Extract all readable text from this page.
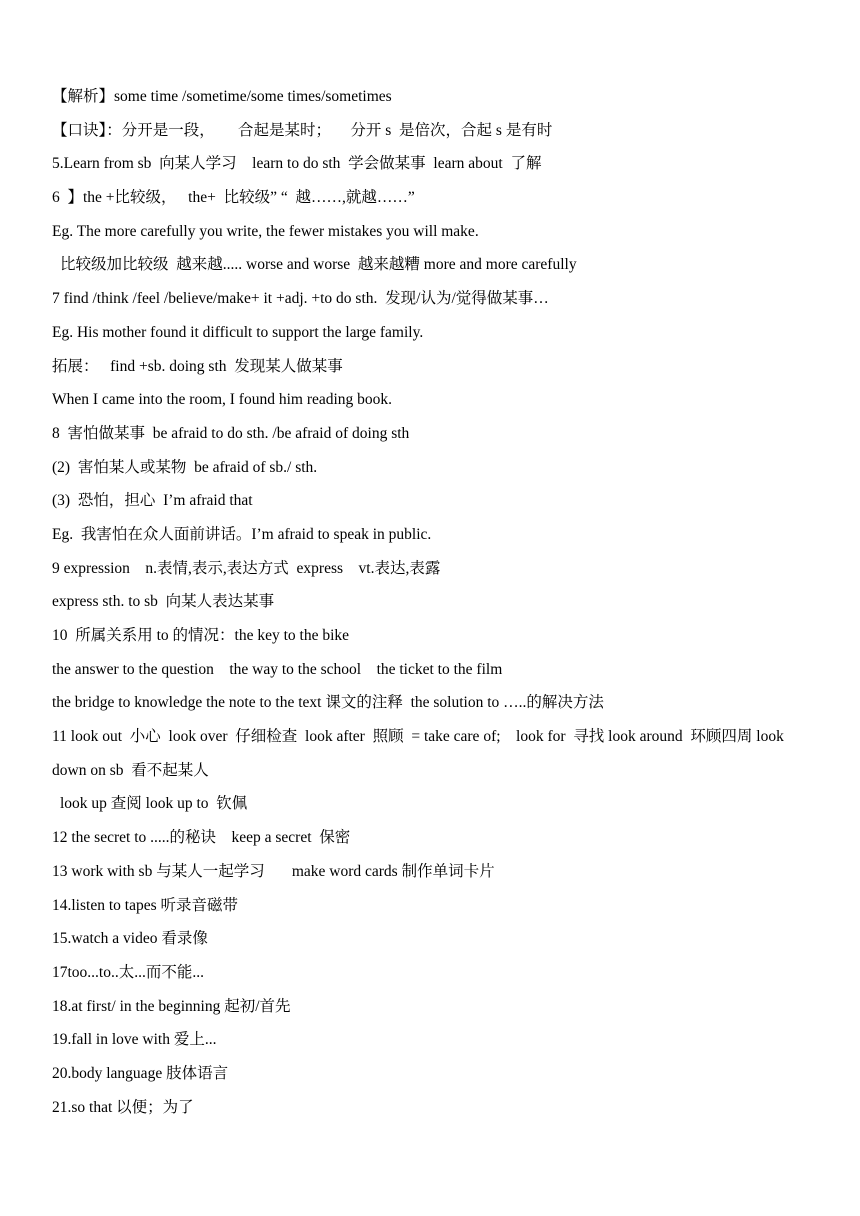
【解析】some time /sometime/some times/sometimes
【口诀】：分开是一段，      合起是某时；     分开 s  是倍次，合起 s 是有时
5.Learn from sb  向某人学习    learn to do sth  学会做某事  learn about  了解
6  】the +比较级，   the+  比较级” “  越……,就越……”
Eg. The more carefully you write, the fewer mistakes you will make.
比较级加比较级  越来越..... worse and worse  越来越糟 more and more carefully
7 find /think /feel /believe/make+ it +adj. +to do sth.  发现/认为/觉得做某事…
Eg. His mother found it difficult to support the large family.
拓展：   find +sb. doing sth  发现某人做某事
When I came into the room, I found him reading book.
8  害怕做某事  be afraid to do sth. /be afraid of doing sth
(2)  害怕某人或某物  be afraid of sb./ sth.
(3)  恐怕，担心  I’m afraid that
Eg.  我害怕在众人面前讲话。I’m afraid to speak in public.
9 expression    n.表情,表示,表达方式  express    vt.表达,表露
express sth. to sb  向某人表达某事
10  所属关系用 to 的情况：the key to the bike
the answer to the question    the way to the school    the ticket to the film
the bridge to knowledge the note to the text 课文的注释  the solution to …..的解决方法
11 look out  小心  look over  仔细检查  look after  照顾  = take care of;    look for  寻找 look around  环顾四周 look down on sb  看不起某人
look up 查阅 look up to  钦佩
12 the secret to .....的秘诀    keep a secret  保密
13 work with sb 与某人一起学习       make word cards 制作单词卡片
14.listen to tapes 听录音磁带
15.watch a video 看录像
17too...to..太...而不能...
18.at first/ in the beginning 起初/首先
19.fall in love with 爱上...
20.body language 肢体语言
21.so that 以便；为了
